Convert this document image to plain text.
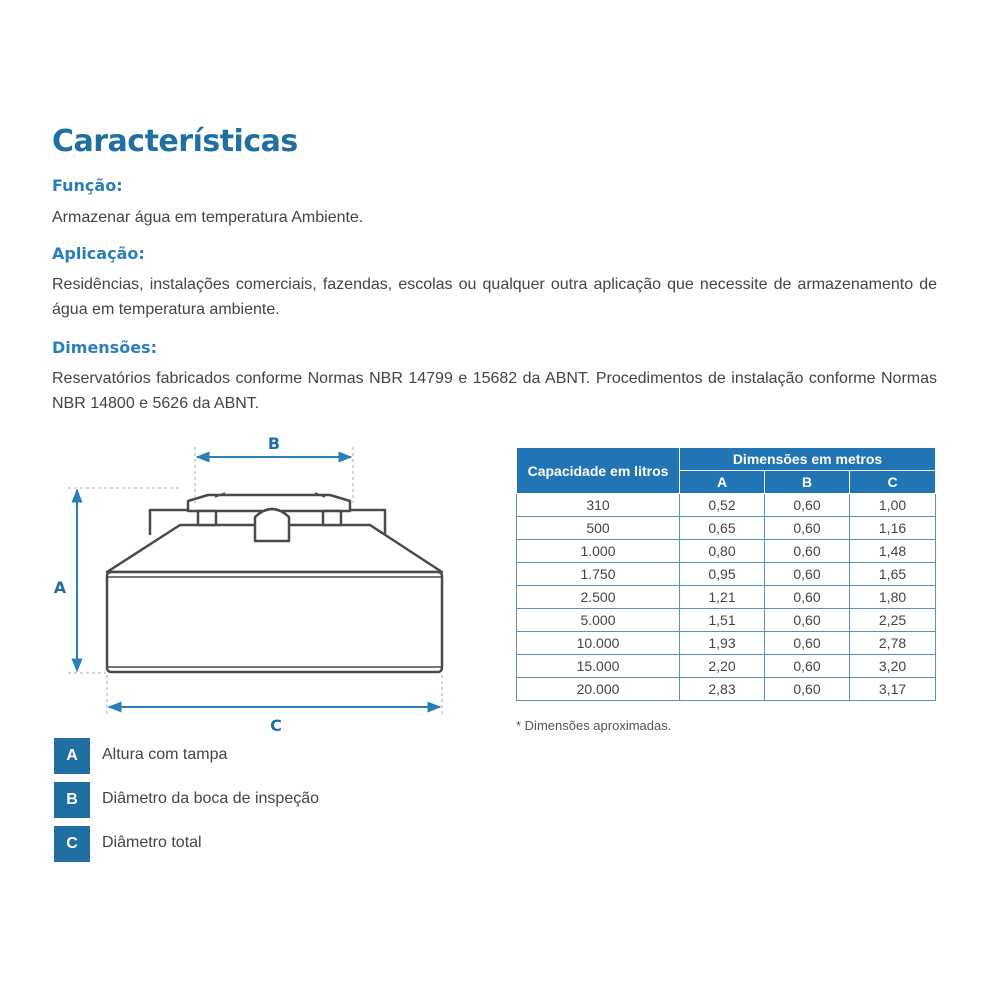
Características
Função:

Armazenar água em temperatura Ambiente.

Aplicação:

Residências, instalações comerciais, fazendas, escolas ou qualquer outra aplicação que necessite de armazenamento de água em temperatura ambiente.

Dimensões:

Reservatórios fabricados conforme Normas NBR 14799 e 15682 da ABNT. Procedimentos de instalação conforme Normas NBR 14800 e 5626 da ABNT.

B
A
C
A	Altura com tampa
B	Diâmetro da boca de inspeção
C	Diâmetro total
Capacidade em litros	Dimensões em metros		
	A	B	C
310	0,52	0,60	1,00
500	0,65	0,60	1,16
1.000	0,80	0,60	1,48
1.750	0,95	0,60	1,65
2.500	1,21	0,60	1,80
5.000	1,51	0,60	2,25
10.000	1,93	0,60	2,78
15.000	2,20	0,60	3,20
20.000	2,83	0,60	3,17
* Dimensões aproximadas.
